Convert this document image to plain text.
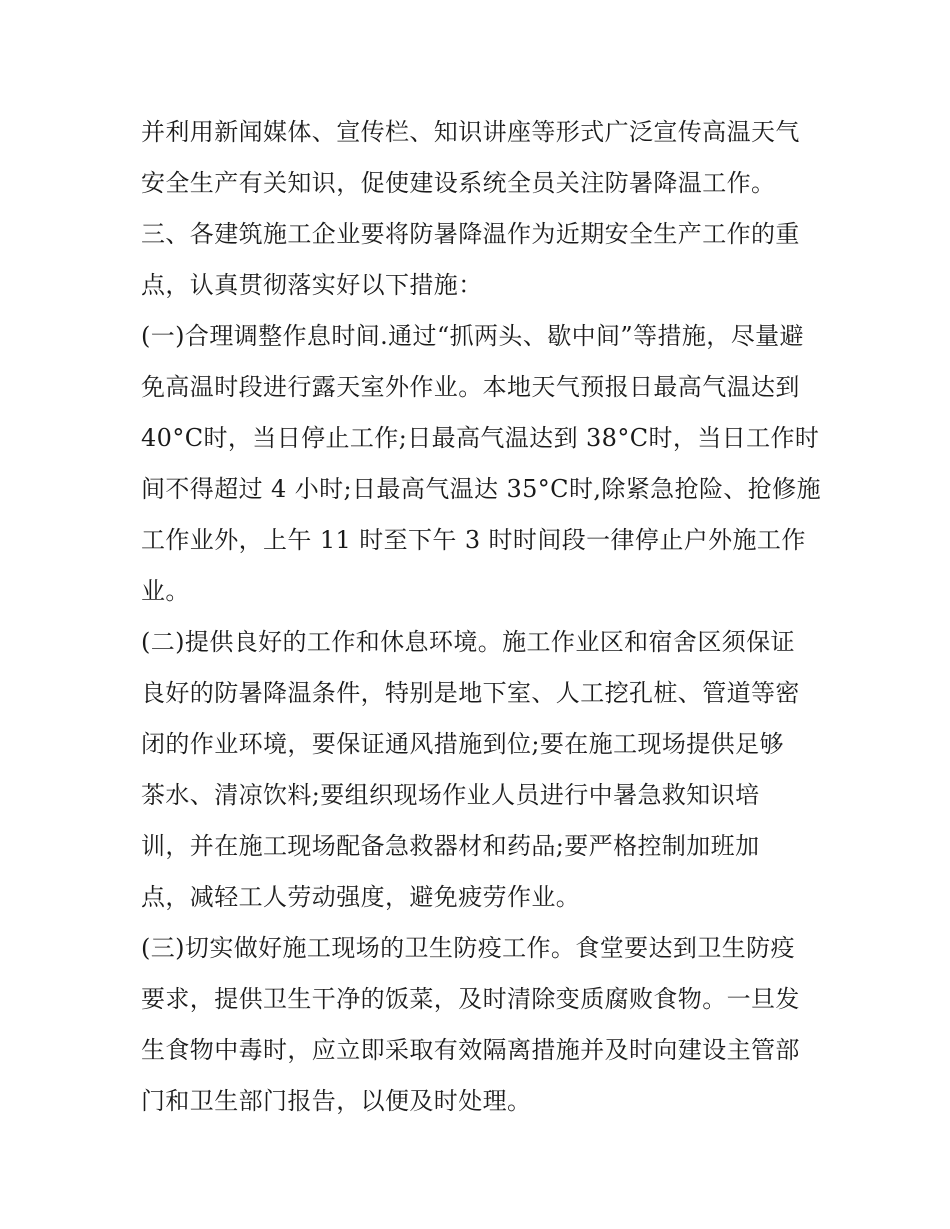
并利用新闻媒体、宣传栏、知识讲座等形式广泛宣传高温天气
安全生产有关知识，促使建设系统全员关注防暑降温工作。
三、各建筑施工企业要将防暑降温作为近期安全生产工作的重
点，认真贯彻落实好以下措施：
(一)合理调整作息时间.通过“抓两头、歇中间”等措施，尽量避
免高温时段进行露天室外作业。本地天气预报日最高气温达到
40°C时，当日停止工作;日最高气温达到 38°C时，当日工作时
间不得超过 4 小时;日最高气温达 35°C时,除紧急抢险、抢修施
工作业外，上午 11 时至下午 3 时时间段一律停止户外施工作
业。
(二)提供良好的工作和休息环境。施工作业区和宿舍区须保证
良好的防暑降温条件，特别是地下室、人工挖孔桩、管道等密
闭的作业环境，要保证通风措施到位;要在施工现场提供足够
茶水、清凉饮料;要组织现场作业人员进行中暑急救知识培
训，并在施工现场配备急救器材和药品;要严格控制加班加
点，减轻工人劳动强度，避免疲劳作业。
(三)切实做好施工现场的卫生防疫工作。食堂要达到卫生防疫
要求，提供卫生干净的饭菜，及时清除变质腐败食物。一旦发
生食物中毒时，应立即采取有效隔离措施并及时向建设主管部
门和卫生部门报告，以便及时处理。
